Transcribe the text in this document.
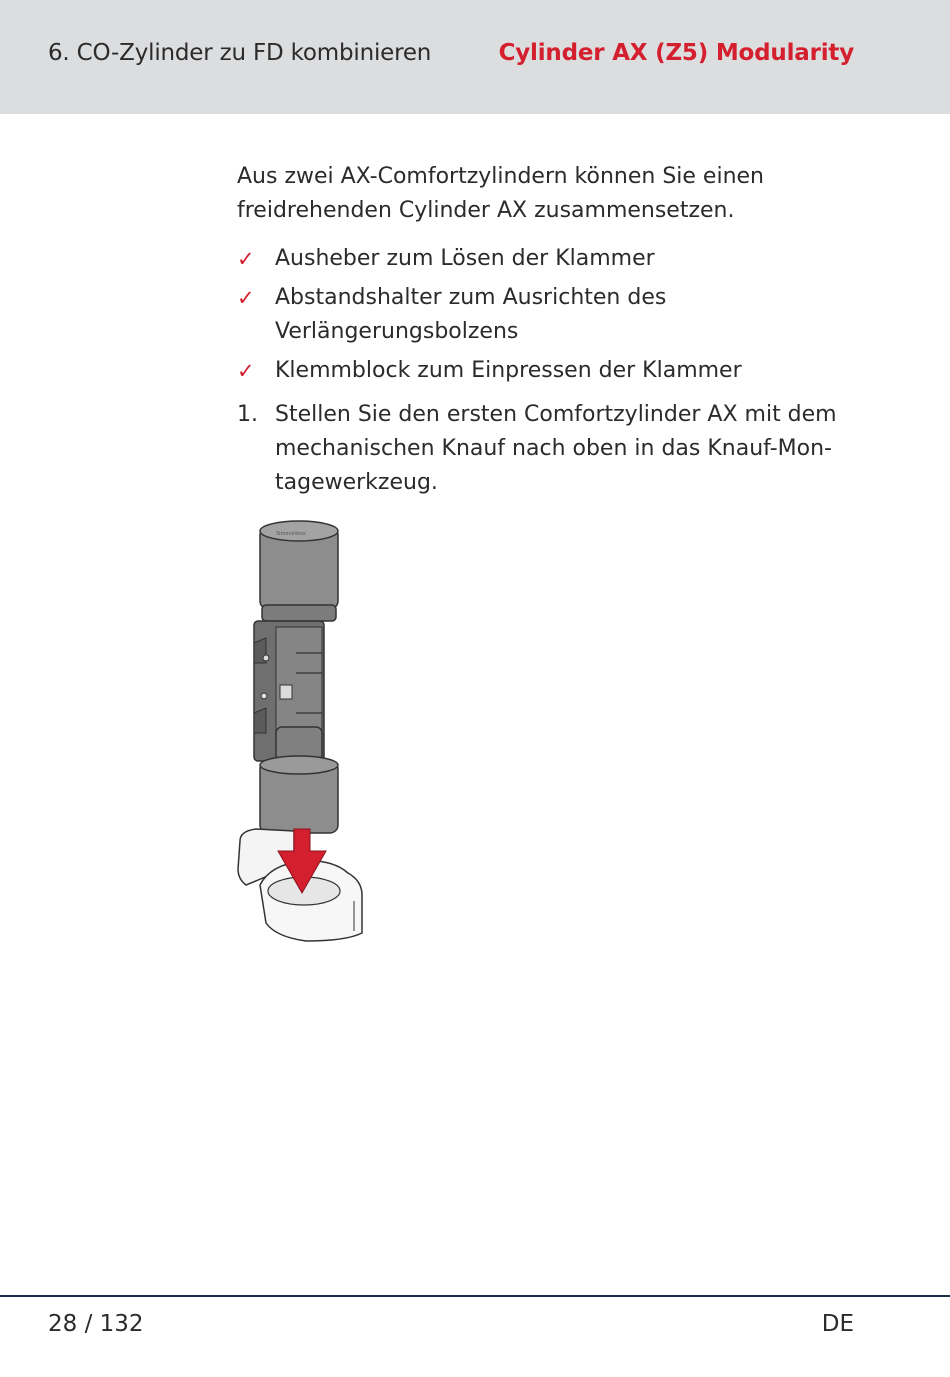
6. CO-Zylinder zu FD kombinieren	Cylinder AX (Z5) Modularity

Aus zwei AX-Comfortzylindern können Sie einen freidrehenden Cylinder AX zusammensetzen.

✓ Ausheber zum Lösen der Klammer
✓ Abstandshalter zum Ausrichten des Verlängerungsbolzens
✓ Klemmblock zum Einpressen der Klammer
1. Stellen Sie den ersten Comfortzylinder AX mit dem mechanischen Knauf nach oben in das Knauf-Mon-tagewerkzeug.
SimonsVoss
28 / 132	DE
